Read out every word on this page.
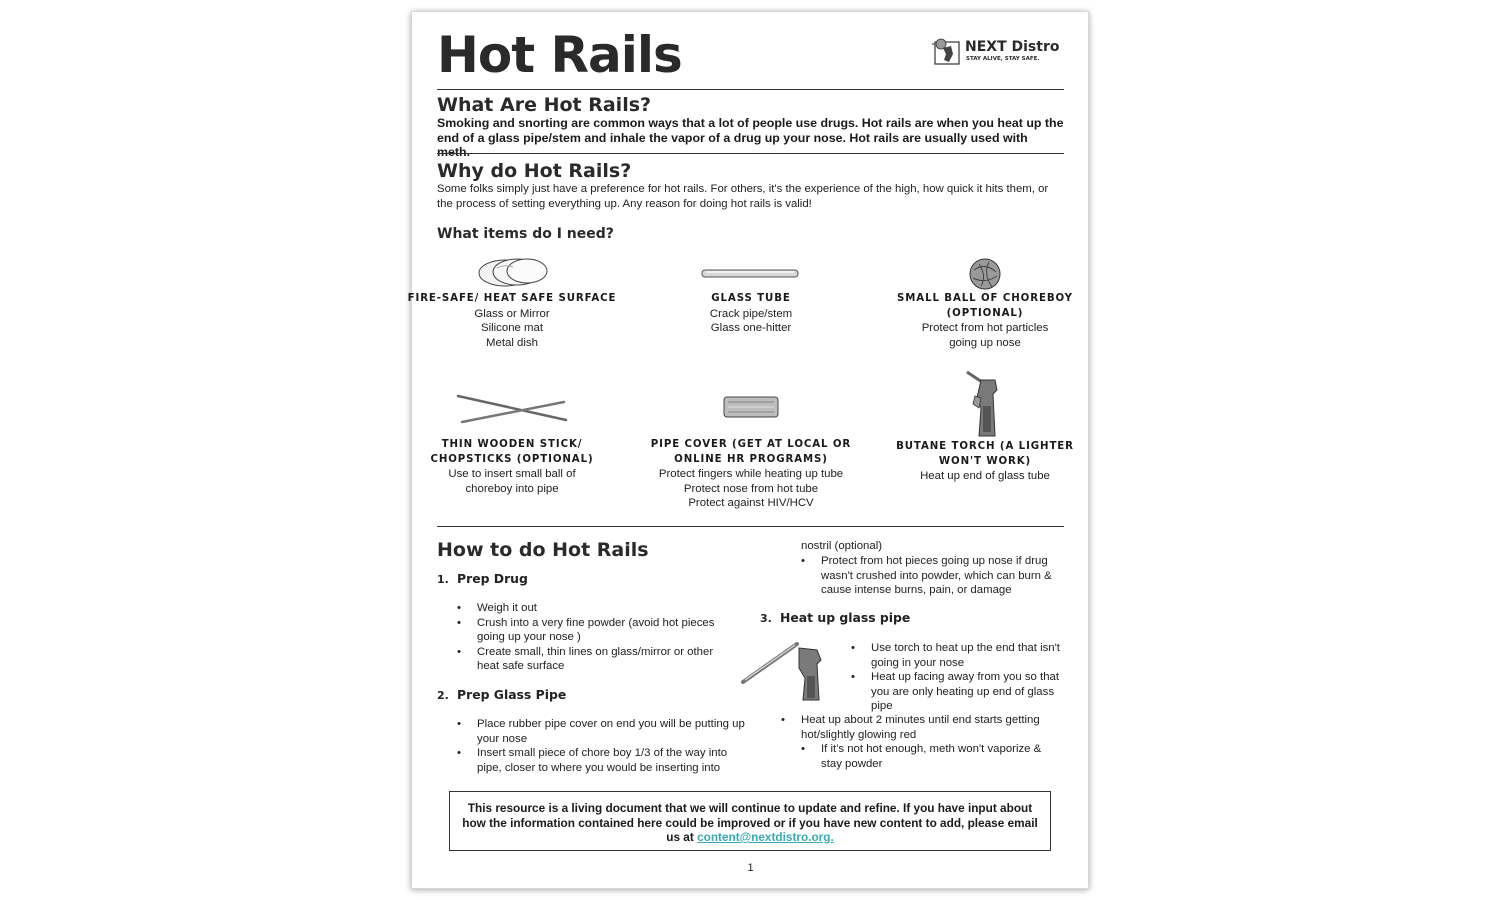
Hot Rails	NEXT Distro
STAY ALIVE, STAY SAFE.
What Are Hot Rails?

Smoking and snorting are common ways that a lot of people use drugs. Hot rails are when you heat up the end of a glass pipe/stem and inhale the vapor of a drug up your nose. Hot rails are usually used with meth.

Why do Hot Rails?

Some folks simply just have a preference for hot rails. For others, it's the experience of the high, how quick it hits them, or the process of setting everything up. Any reason for doing hot rails is valid!

What items do I need?
FIRE-SAFE/ HEAT SAFE SURFACE
Glass or Mirror
Silicone mat
Metal dish
GLASS TUBE
Crack pipe/stem
Glass one-hitter
SMALL BALL OF CHOREBOY (OPTIONAL)
Protect from hot particles
going up nose
THIN WOODEN STICK/ CHOPSTICKS (OPTIONAL)
Use to insert small ball of
choreboy into pipe
PIPE COVER (GET AT LOCAL OR ONLINE HR PROGRAMS)
Protect fingers while heating up tube
Protect nose from hot tube
Protect against HIV/HCV
BUTANE TORCH (A LIGHTER WON'T WORK)
Heat up end of glass tube
How to do Hot Rails
1. Prep Drug
• Weigh it out
• Crush into a very fine powder (avoid hot pieces going up your nose )
• Create small, thin lines on glass/mirror or other heat safe surface
2. Prep Glass Pipe
• Place rubber pipe cover on end you will be putting up your nose
• Insert small piece of chore boy 1/3 of the way into pipe, closer to where you would be inserting into
nostril (optional)
• Protect from hot pieces going up nose if drug wasn't crushed into powder, which can burn & cause intense burns, pain, or damage
3. Heat up glass pipe
• Use torch to heat up the end that isn't going in your nose
• Heat up facing away from you so that you are only heating up end of glass pipe
• Heat up about 2 minutes until end starts getting hot/slightly glowing red
• If it's not hot enough, meth won't vaporize & stay powder
This resource is a living document that we will continue to update and refine. If you have input about how the information contained here could be improved or if you have new content to add, please email us at content@nextdistro.org.
1
